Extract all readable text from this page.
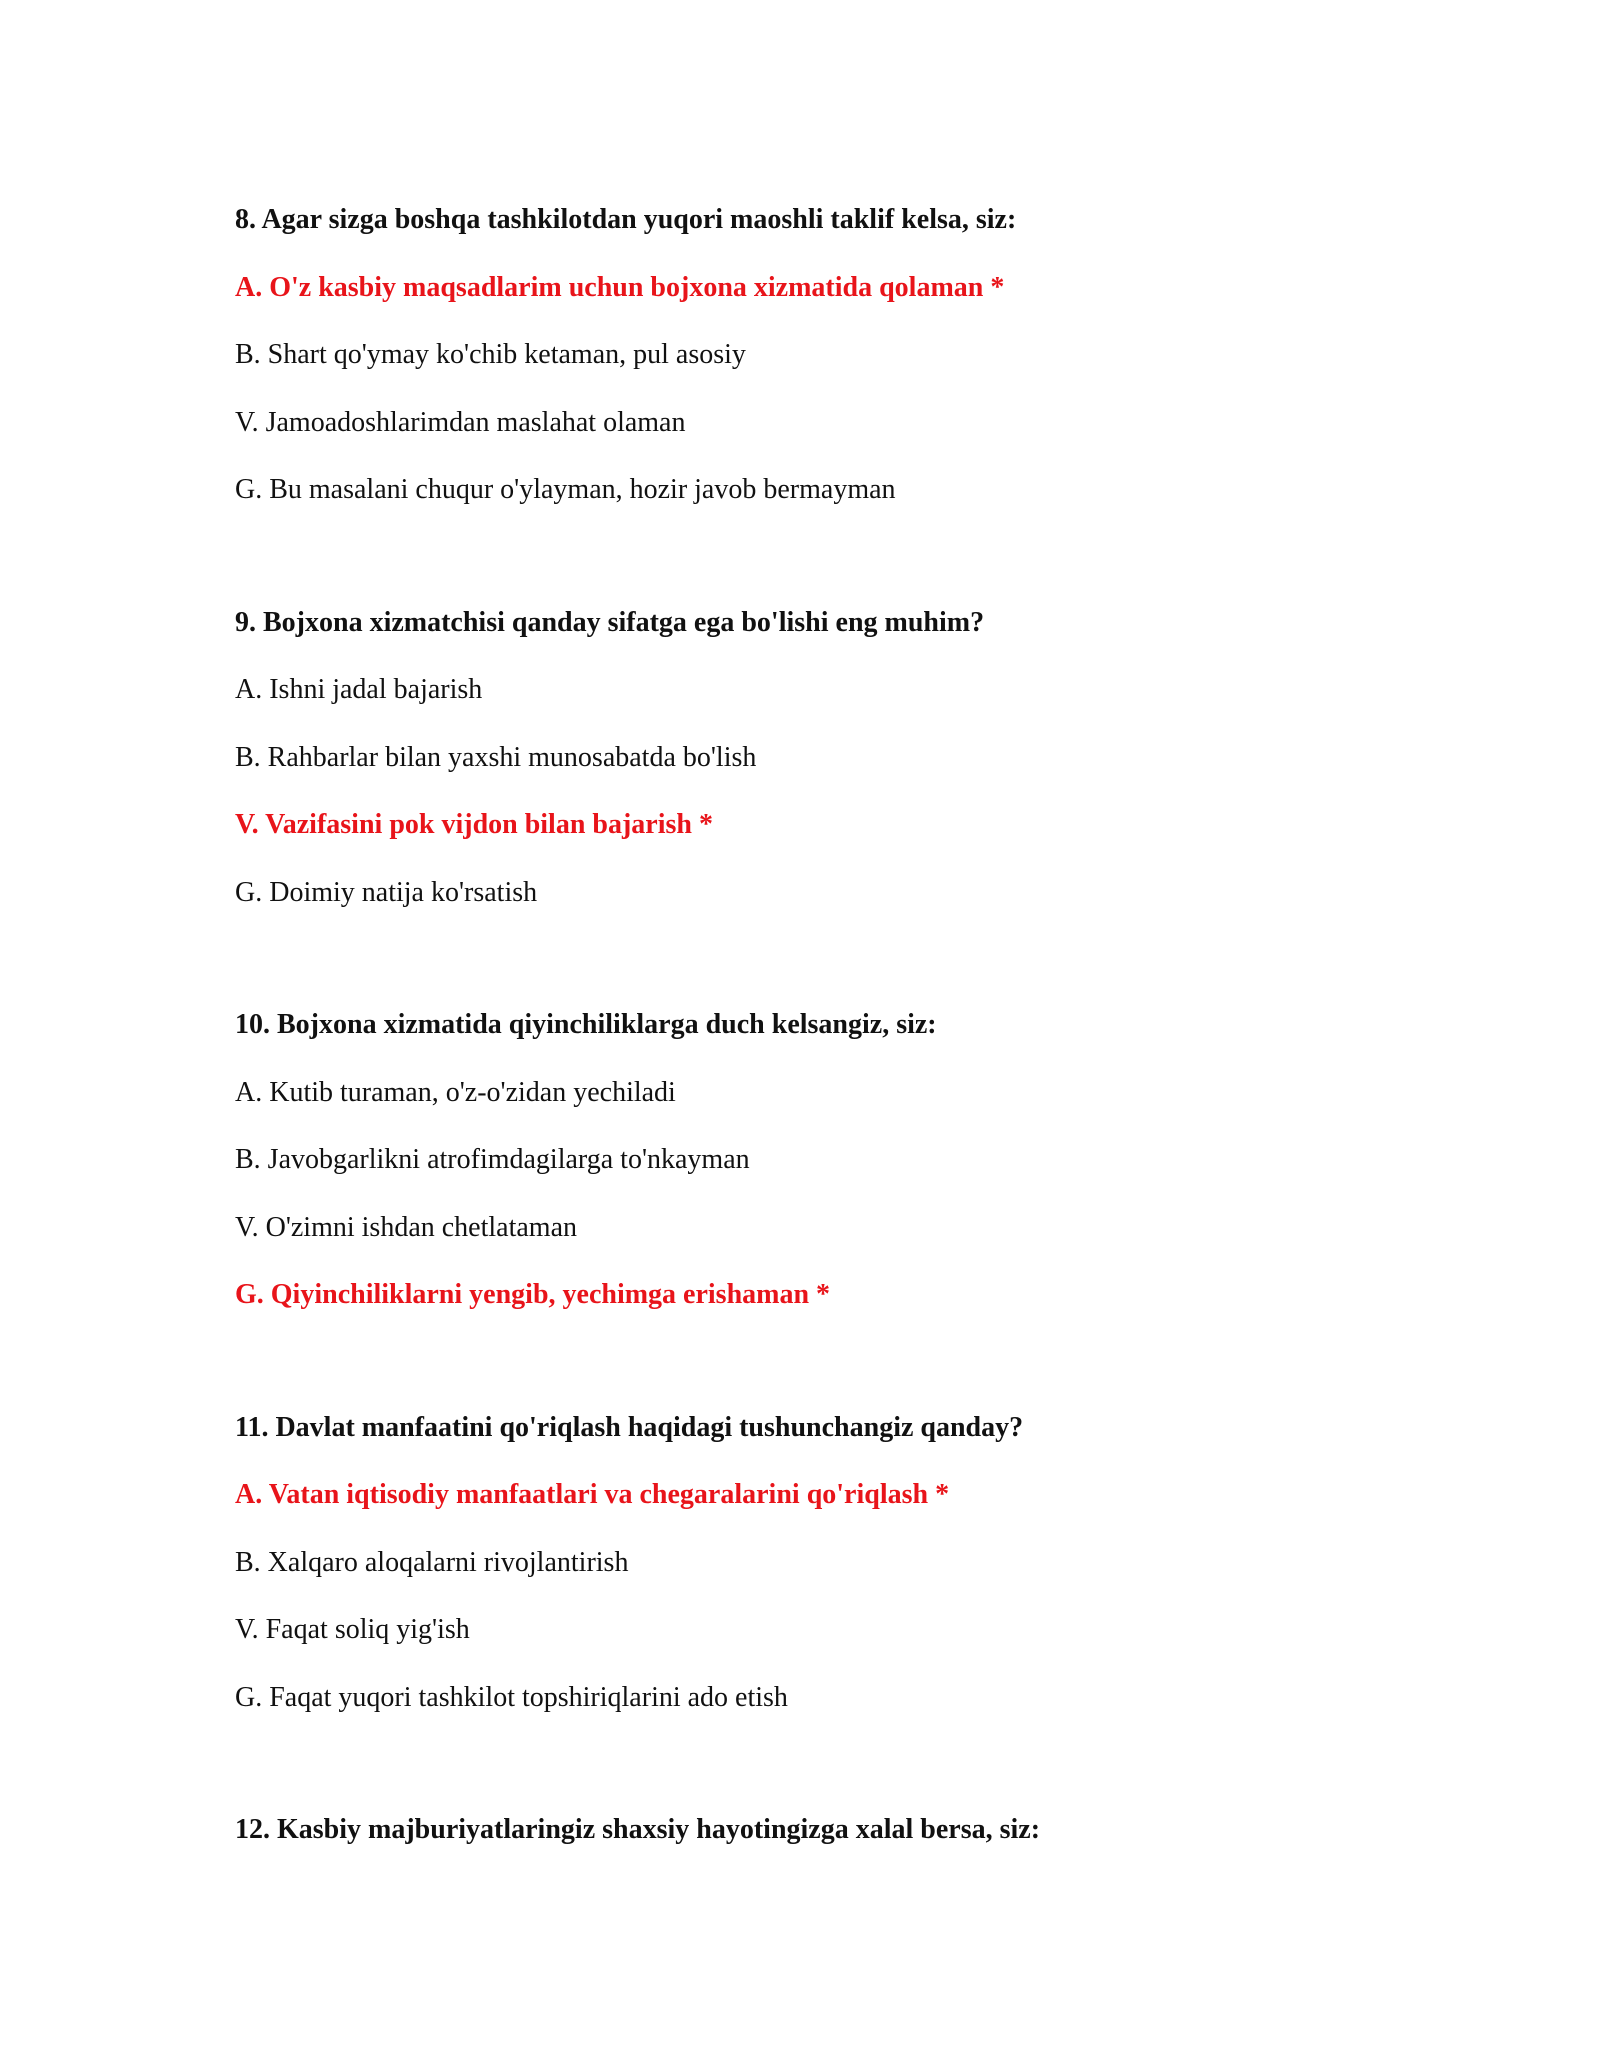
8. Agar sizga boshqa tashkilotdan yuqori maoshli taklif kelsa, siz:
A. O'z kasbiy maqsadlarim uchun bojxona xizmatida qolaman *
B. Shart qo'ymay ko'chib ketaman, pul asosiy
V. Jamoadoshlarimdan maslahat olaman
G. Bu masalani chuqur o'ylayman, hozir javob bermayman
9. Bojxona xizmatchisi qanday sifatga ega bo'lishi eng muhim?
A. Ishni jadal bajarish
B. Rahbarlar bilan yaxshi munosabatda bo'lish
V. Vazifasini pok vijdon bilan bajarish *
G. Doimiy natija ko'rsatish
10. Bojxona xizmatida qiyinchiliklarga duch kelsangiz, siz:
A. Kutib turaman, o'z-o'zidan yechiladi
B. Javobgarlikni atrofimdagilarga to'nkayman
V. O'zimni ishdan chetlataman
G. Qiyinchiliklarni yengib, yechimga erishaman *
11. Davlat manfaatini qo'riqlash haqidagi tushunchangiz qanday?
A. Vatan iqtisodiy manfaatlari va chegaralarini qo'riqlash *
B. Xalqaro aloqalarni rivojlantirish
V. Faqat soliq yig'ish
G. Faqat yuqori tashkilot topshiriqlarini ado etish
12. Kasbiy majburiyatlaringiz shaxsiy hayotingizga xalal bersa, siz:
